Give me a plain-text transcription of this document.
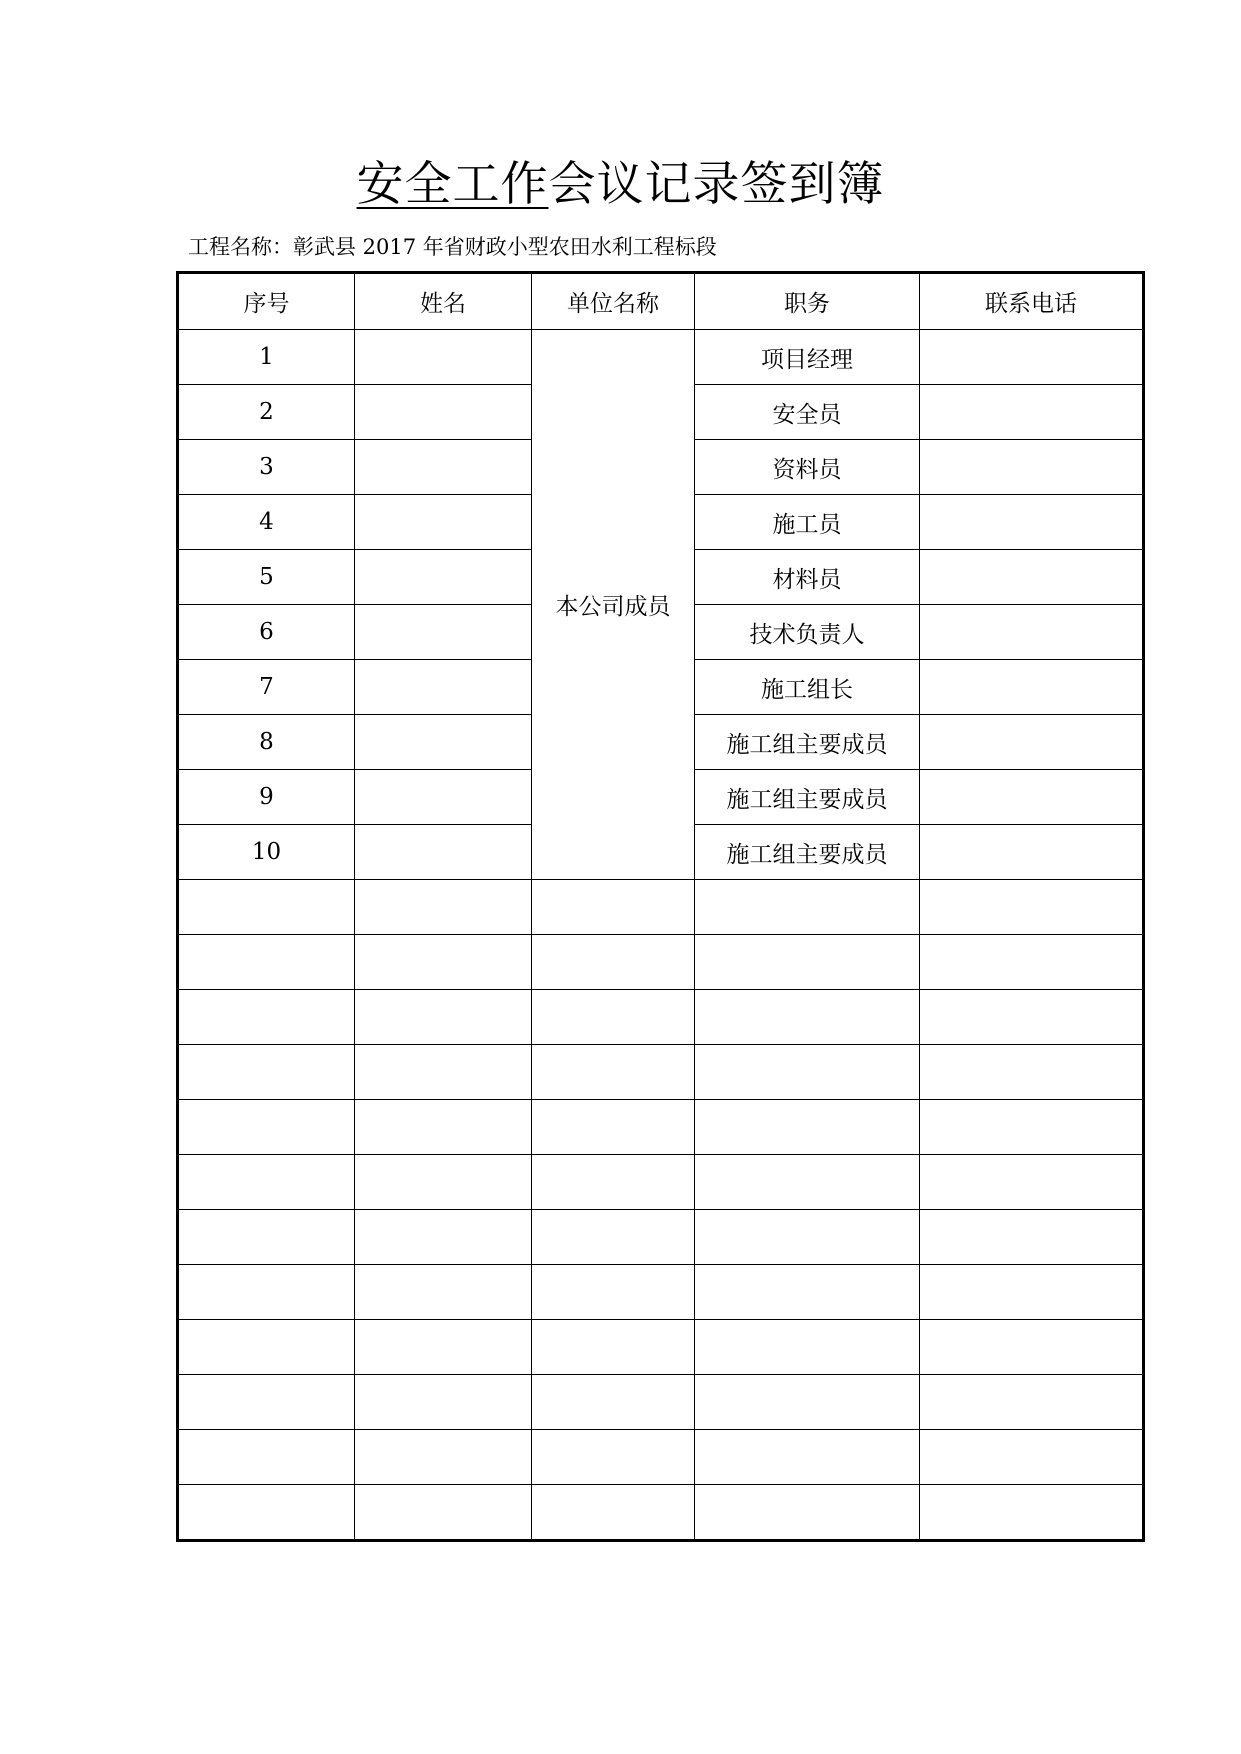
安全工作会议记录签到簿
工程名称：彰武县 2017 年省财政小型农田水利工程标段
序号	姓名	单位名称	职务	联系电话
1		本公司成员	项目经理	
2			安全员	
3			资料员	
4			施工员	
5			材料员	
6			技术负责人	
7			施工组长	
8			施工组主要成员	
9			施工组主要成员	
10			施工组主要成员	
